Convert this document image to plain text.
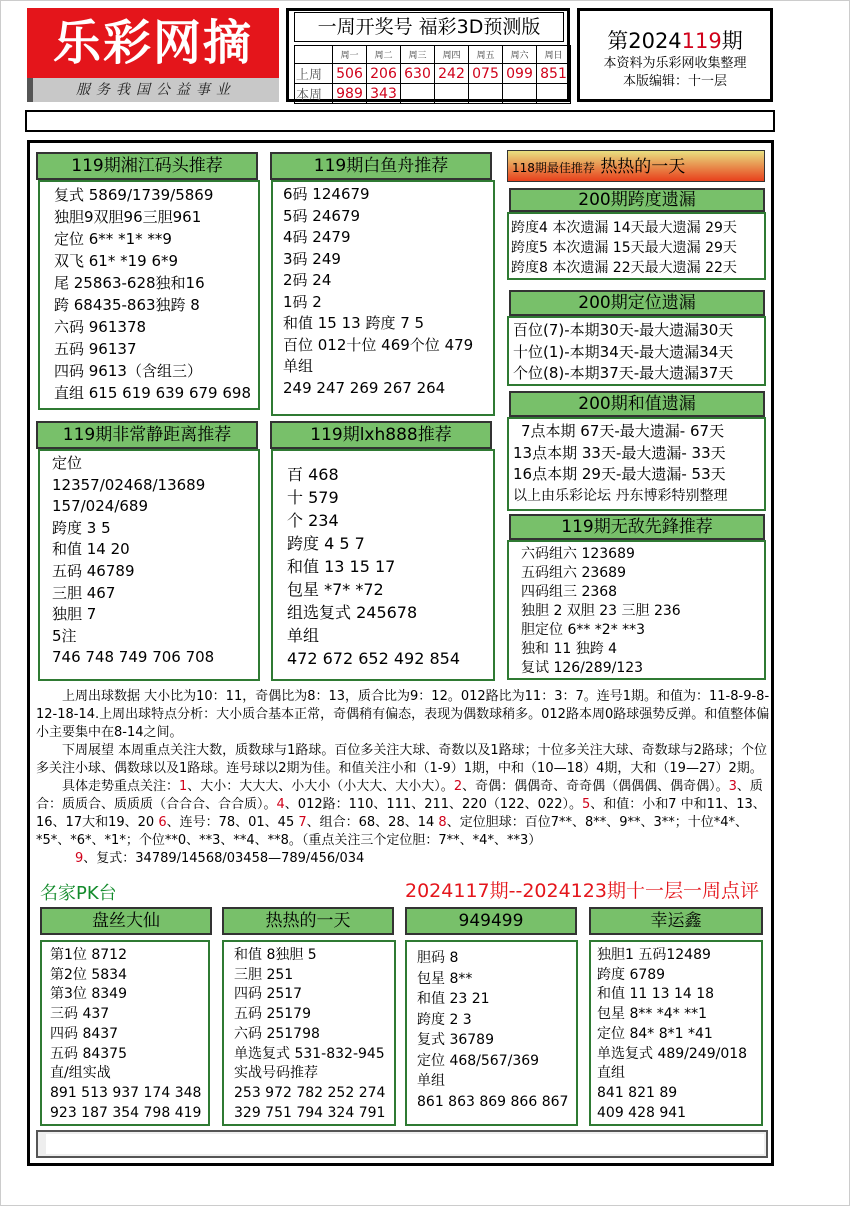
乐彩网摘
服务我国公益事业
一周开奖号 福彩3D预测版
	周一	周二	周三	周四	周五	周六	周日
上周	506	206	630	242	075	099	851
本周	989	343					
第2024119期
本资料为乐彩网收集整理
本版编辑：十一层
119期湘江码头推荐
复式 5869/1739/5869
独胆9双胆96三胆961
定位 6** *1* **9
双飞 61* *19 6*9
尾 25863-628独和16
跨 68435-863独跨 8
六码 961378
五码 96137
四码 9613（含组三）
直组 615 619 639 679 698
119期非常静距离推荐
定位
12357/02468/13689
157/024/689
跨度 3 5
和值 14 20
五码 46789
三胆 467
独胆 7
5注
746 748 749 706 708
119期白鱼舟推荐
6码 124679
5码 24679
4码 2479
3码 249
2码 24
1码 2
和值 15 13 跨度 7 5
百位 012十位 469个位 479
单组
249 247 269 267 264
119期lxh888推荐
百 468
十 579
个 234
跨度 4 5 7
和值 13 15 17
包星 *7* *72
组选复式 245678
单组
472 672 652 492 854
118期最佳推荐 热热的一天
200期跨度遗漏
跨度4 本次遗漏 14天最大遗漏 29天
跨度5 本次遗漏 15天最大遗漏 29天
跨度8 本次遗漏 22天最大遗漏 22天
200期定位遗漏
百位(7)-本期30天-最大遗漏30天
十位(1)-本期34天-最大遗漏34天
个位(8)-本期37天-最大遗漏37天
200期和值遗漏
7点本期 67天-最大遗漏- 67天
13点本期 33天-最大遗漏- 33天
16点本期 29天-最大遗漏- 53天
以上由乐彩论坛 丹东博彩特别整理
119期无敌先鋒推荐
六码组六 123689
五码组六 23689
四码组三 2368
独胆 2 双胆 23 三胆 236
胆定位 6** *2* **3
独和 11 独跨 4
复试 126/289/123

上周出球数据 大小比为10：11，奇偶比为8：13，质合比为9：12。012路比为11：3：7。连号1期。和值为：11-8-9-8-12-18-14.上周出球特点分析：大小质合基本正常，奇偶稍有偏态，表现为偶数球稍多。012路本周0路球强势反弹。和值整体偏小主要集中在8-14之间。

下周展望 本周重点关注大数，质数球与1路球。百位多关注大球、奇数以及1路球；十位多关注大球、奇数球与2路球；个位多关注小球、偶数球以及1路球。连号球以2期为佳。和值关注小和（1-9）1期，中和（10—18）4期，大和（19—27）2期。

具体走势重点关注：1、大小：大大大、小大小（小大大、大小大）。2、奇偶：偶偶奇、奇奇偶（偶偶偶、偶奇偶）。3、质合：质质合、质质质（合合合、合合质）。4、012路：110、111、211、220（122、022）。5、和值：小和7 中和11、13、16、17大和19、20 6、连号：78、01、45 7、组合：68、28、14 8、定位胆球：百位7**、8**、9**、3**；十位*4*、*5*、*6*、*1*；个位**0、**3、**4、**8。（重点关注三个定位胆：7**、*4*、**3）

9、复式：34789/14568/03458—789/456/034

名家PK台	2024117期--2024123期十一层一周点评
盘丝大仙
第1位 8712
第2位 5834
第3位 8349
三码 437
四码 8437
五码 84375
直/组实战
891 513 937 174 348
923 187 354 798 419
热热的一天
和值 8独胆 5
三胆 251
四码 2517
五码 25179
六码 251798
单选复式 531-832-945
实战号码推荐
253 972 782 252 274
329 751 794 324 791
949499
胆码 8
包星 8**
和值 23 21
跨度 2 3
复式 36789
定位 468/567/369
单组
861 863 869 866 867
幸运鑫
独胆1 五码12489
跨度 6789
和值 11 13 14 18
包星 8** *4* **1
定位 84* 8*1 *41
单选复式 489/249/018
直组
841 821 89
409 428 941
